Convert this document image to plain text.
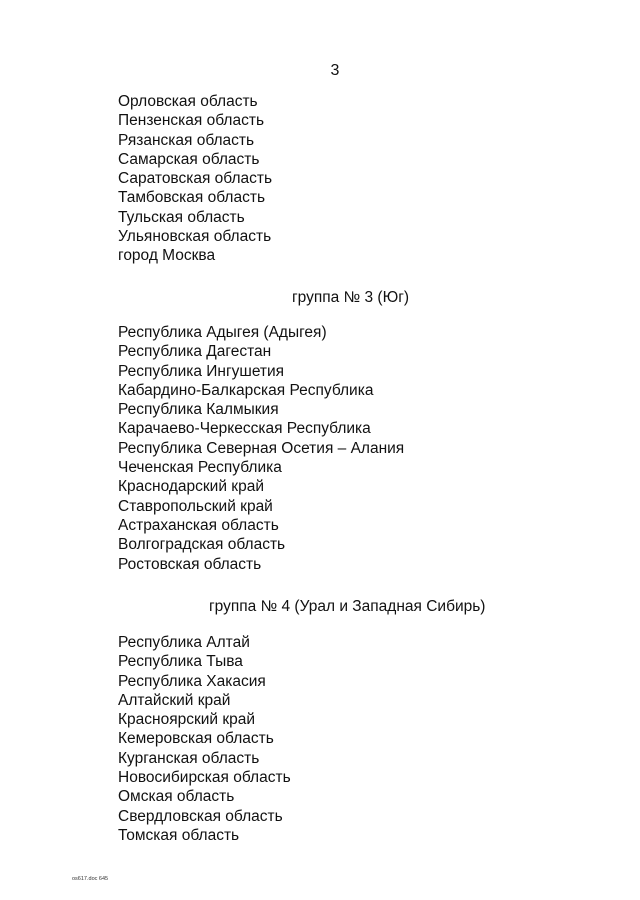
3
Орловская область
Пензенская область
Рязанская область
Самарская область
Саратовская область
Тамбовская область
Тульская область
Ульяновская область
город Москва
группа № 3 (Юг)
Республика Адыгея (Адыгея)
Республика Дагестан
Республика Ингушетия
Кабардино-Балкарская Республика
Республика Калмыкия
Карачаево-Черкесская Республика
Республика Северная Осетия – Алания
Чеченская Республика
Краснодарский край
Ставропольский край
Астраханская область
Волгоградская область
Ростовская область
группа № 4 (Урал и Западная Сибирь)
Республика Алтай
Республика Тыва
Республика Хакасия
Алтайский край
Красноярский край
Кемеровская область
Курганская область
Новосибирская область
Омская область
Свердловская область
Томская область
os617.doc 645
